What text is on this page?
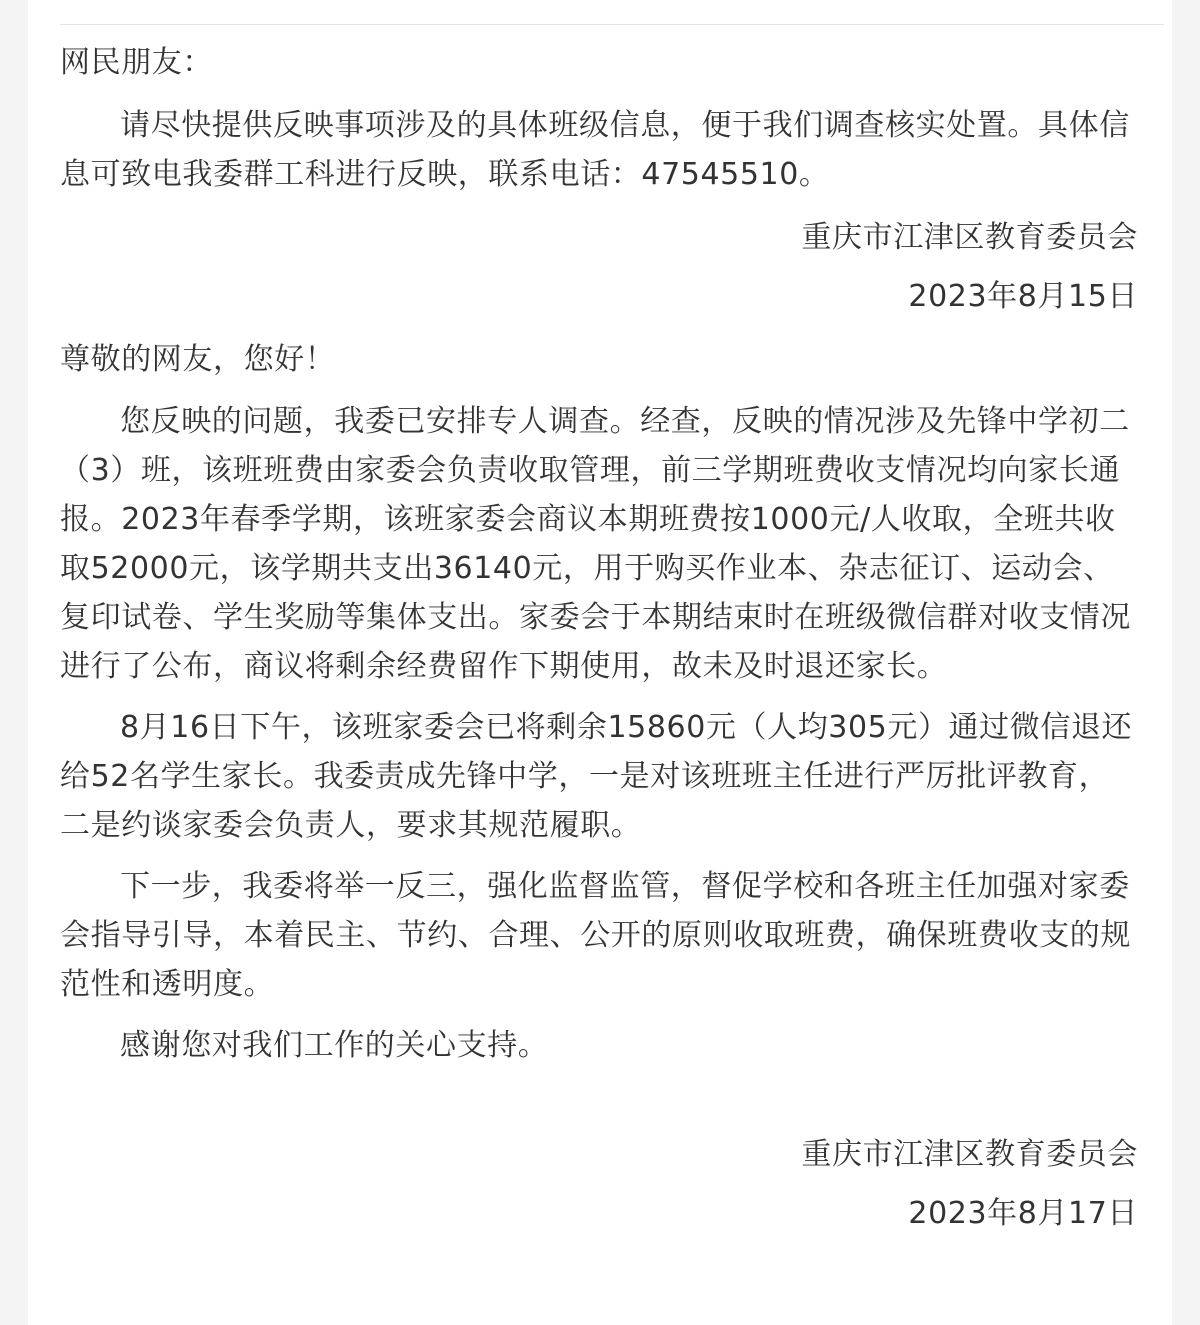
网民朋友：

请尽快提供反映事项涉及的具体班级信息，便于我们调查核实处置。具体信息可致电我委群工科进行反映，联系电话：47545510。

重庆市江津区教育委员会

2023年8月15日

尊敬的网友，您好！

您反映的问题，我委已安排专人调查。经查，反映的情况涉及先锋中学初二（3）班，该班班费由家委会负责收取管理，前三学期班费收支情况均向家长通报。2023年春季学期，该班家委会商议本期班费按1000元/人收取，全班共收取52000元，该学期共支出36140元，用于购买作业本、杂志征订、运动会、复印试卷、学生奖励等集体支出。家委会于本期结束时在班级微信群对收支情况进行了公布，商议将剩余经费留作下期使用，故未及时退还家长。

8月16日下午，该班家委会已将剩余15860元（人均305元）通过微信退还给52名学生家长。我委责成先锋中学，一是对该班班主任进行严厉批评教育，二是约谈家委会负责人，要求其规范履职。

下一步，我委将举一反三，强化监督监管，督促学校和各班主任加强对家委会指导引导，本着民主、节约、合理、公开的原则收取班费，确保班费收支的规范性和透明度。

感谢您对我们工作的关心支持。

重庆市江津区教育委员会

2023年8月17日
